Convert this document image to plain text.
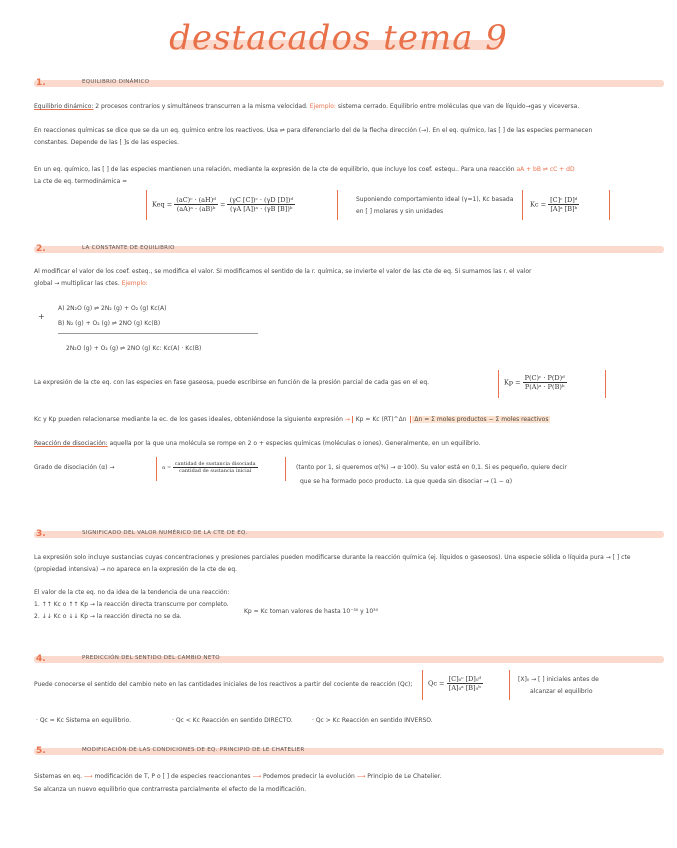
destacados tema 9
1.	EQUILIBRIO DINÁMICO
Equilibrio dinámico: 2 procesos contrarios y simultáneos transcurren a la misma velocidad. Ejemplo: sistema cerrado. Equilibrio entre moléculas que van de líquido→gas y viceversa.
En reacciones químicas se dice que se da un eq. químico entre los reactivos. Usa ⇌ para diferenciarlo del de la flecha dirección (→). En el eq. químico, las [ ] de las especies permanecen
constantes. Depende de las [ ]s de las especies.
En un eq. químico, las [ ] de las especies mantienen una relación, mediante la expresión de la cte de equilibrio, que incluye los coef. estequ.. Para una reacción aA + bB ⇌ cC + dD
La cte de eq. termodinámica =
Keq = $\frac{\text{(aC)ᶜ · (aH)ᵈ}}{\text{(aA)ᵃ · (aB)ᵇ}} = \frac{\text{(γC [C])ᶜ · (γD [D])ᵈ}}{\text{(γA [A])ᵃ · (γB [B])ᵇ}}$	Suponiendo comportamiento ideal (γ=1), Kc basada
en [ ] molares y sin unidades
$Kc = \frac{\text{[C]ᶜ [D]ᵈ}}{\text{[A]ᵃ [B]ᵇ}}$
2.	LA CONSTANTE DE EQUILIBRIO
Al modificar el valor de los coef. esteq., se modifica el valor. Si modificamos el sentido de la r. química, se invierte el valor de las cte de eq. Si sumamos las r. el valor
global → multiplicar las ctes. Ejemplo:
A) 2N₂O (g) ⇌ 2N₂ (g) + O₂ (g) Kc(A)
B) N₂ (g) + O₂ (g) ⇌ 2NO (g) Kc(B)
+
2N₂O (g) + O₂ (g) ⇌ 2NO (g) Kc: Kc(A) · Kc(B)
La expresión de la cte eq. con las especies en fase gaseosa, puede escribirse en función de la presión parcial de cada gas en el eq.	$Kp = \frac{\text{P(C)ᶜ · P(D)ᵈ}}{\text{P(A)ᵃ · P(B)ᵇ}}$
Kc y Kp pueden relacionarse mediante la ec. de los gases ideales, obteniéndose la siguiente expresión → Kp = Kc (RT)^Δn Δn = Σ moles productos − Σ moles reactivos
Reacción de disociación: aquella por la que una molécula se rompe en 2 o + especies químicas (moléculas o iones). Generalmente, en un equilibrio.
Grado de disociación (α) →	$\alpha = \frac{\text{cantidad de sustancia disociada}}{\text{cantidad de sustancia inicial}}$	(tanto por 1, si queremos α(%) → α·100). Su valor está en 0,1. Si es pequeño, quiere decir
que se ha formado poco producto. La que queda sin disociar → (1 − α)
3.	SIGNIFICADO DEL VALOR NUMÉRICO DE LA CTE DE EQ.
La expresión solo incluye sustancias cuyas concentraciones y presiones parciales pueden modificarse durante la reacción química (ej. líquidos o gaseosos). Una especie sólida o líquida pura → [ ] cte
(propiedad intensiva) → no aparece en la expresión de la cte de eq.
El valor de la cte eq. no da idea de la tendencia de una reacción:
1. ↑↑ Kc o ↑↑ Kp → la reacción directa transcurre por completo.
2. ↓↓ Kc o ↓↓ Kp → la reacción directa no se da.
Kp = Kc toman valores de hasta 10⁻³⁰ y 10³⁰
4.	PREDICCIÓN DEL SENTIDO DEL CAMBIO NETO
Puede conocerse el sentido del cambio neto en las cantidades iniciales de los reactivos a partir del cociente de reacción (Qc); $Qc = \frac{\text{[C]₀ᶜ [D]₀ᵈ}}{\text{[A]₀ᵃ [B]₀ᵇ}}$	[X]₀ → [ ] iniciales antes de
alcanzar el equilibrio
· Qc = Kc Sistema en equilibrio.	· Qc < Kc Reacción en sentido DIRECTO.	· Qc > Kc Reacción en sentido INVERSO.
5.	MODIFICACIÓN DE LAS CONDICIONES DE EQ. PRINCIPIO DE LE CHATELIER
Sistemas en eq. ⟶ modificación de T, P o [ ] de especies reaccionantes ⟶ Podemos predecir la evolución ⟶ Principio de Le Chatelier.
Se alcanza un nuevo equilibrio que contrarresta parcialmente el efecto de la modificación.
